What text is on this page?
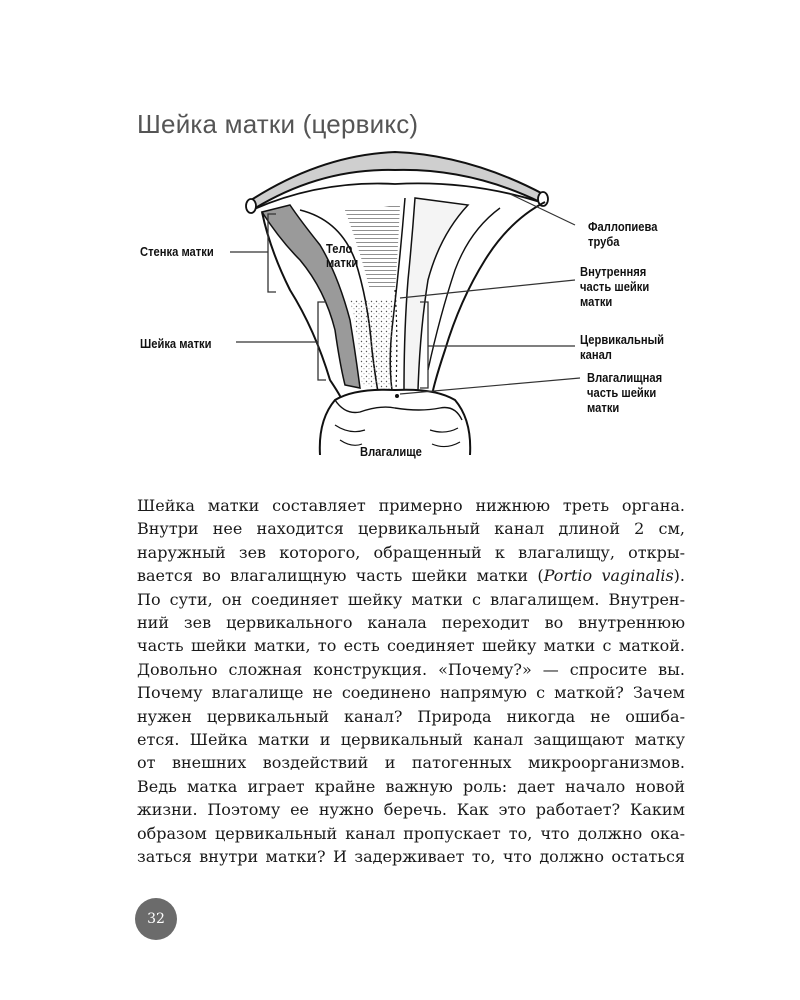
Шейка матки (цервикс)
Стенка матки
Шейка матки
Тело
матки
Фаллопиева
труба
Внутренняя
часть шейки
матки
Цервикальный
канал
Влагалищная
часть шейки
матки
Влагалище

Шейка матки составляет примерно нижнюю треть органа.

Внутри нее находится цервикальный канал длиной 2 см,

наружный зев которого, обращенный к влагалищу, откры-

вается во влагалищную часть шейки матки (Portio vaginalis).

По сути, он соединяет шейку матки с влагалищем. Внутрен-

ний зев цервикального канала переходит во внутреннюю

часть шейки матки, то есть соединяет шейку матки с маткой.

Довольно сложная конструкция. «Почему?» — спросите вы.

Почему влагалище не соединено напрямую с маткой? Зачем

нужен цервикальный канал? Природа никогда не ошиба-

ется. Шейка матки и цервикальный канал защищают матку

от внешних воздействий и патогенных микроорганизмов.

Ведь матка играет крайне важную роль: дает начало новой

жизни. Поэтому ее нужно беречь. Как это работает? Каким

образом цервикальный канал пропускает то, что должно ока-

заться внутри матки? И задерживает то, что должно остаться

32
